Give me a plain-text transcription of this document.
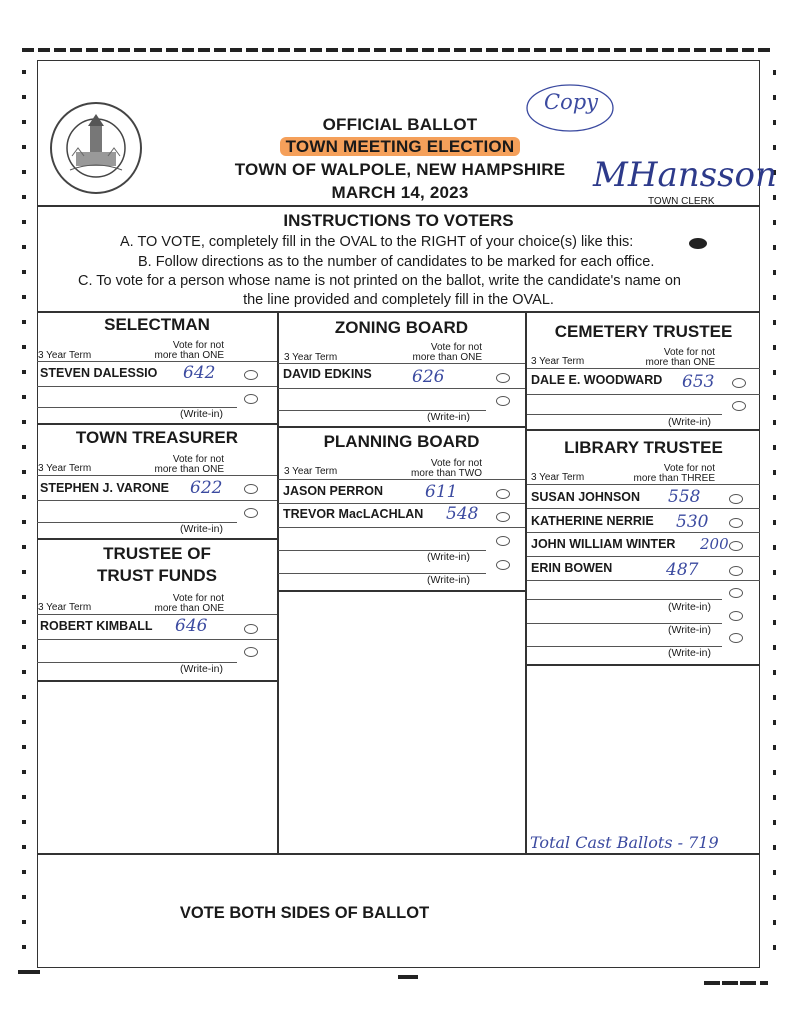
OFFICIAL BALLOT
TOWN MEETING ELECTION
TOWN OF WALPOLE, NEW HAMPSHIRE
MARCH 14, 2023
Copy
MHansson
TOWN CLERK
INSTRUCTIONS TO VOTERS
A. TO VOTE, completely fill in the OVAL to the RIGHT of your choice(s) like this:
B. Follow directions as to the number of candidates to be marked for each office.
C. To vote for a person whose name is not printed on the ballot, write the candidate's name on
the line provided and completely fill in the OVAL.
SELECTMAN
Vote for not
3 Year Term	more than ONE
STEVEN DALESSIO 642
(Write-in)
TOWN TREASURER
Vote for not
3 Year Term	more than ONE
STEPHEN J. VARONE 622
(Write-in)
TRUSTEE OF
TRUST FUNDS
Vote for not
3 Year Term	more than ONE
ROBERT KIMBALL 646
(Write-in)
ZONING BOARD
Vote for not
3 Year Term	more than ONE
DAVID EDKINS 626
(Write-in)
PLANNING BOARD
Vote for not
3 Year Term	more than TWO
JASON PERRON 611
TREVOR MacLACHLAN 548
(Write-in)
(Write-in)
CEMETERY TRUSTEE
Vote for not
3 Year Term	more than ONE
DALE E. WOODWARD 653
(Write-in)
LIBRARY TRUSTEE
Vote for not
3 Year Term	more than THREE
SUSAN JOHNSON 558
KATHERINE NERRIE 530
JOHN WILLIAM WINTER 200
ERIN BOWEN	487
(Write-in)
(Write-in)
(Write-in)
Total Cast Ballots - 719
VOTE BOTH SIDES OF BALLOT
